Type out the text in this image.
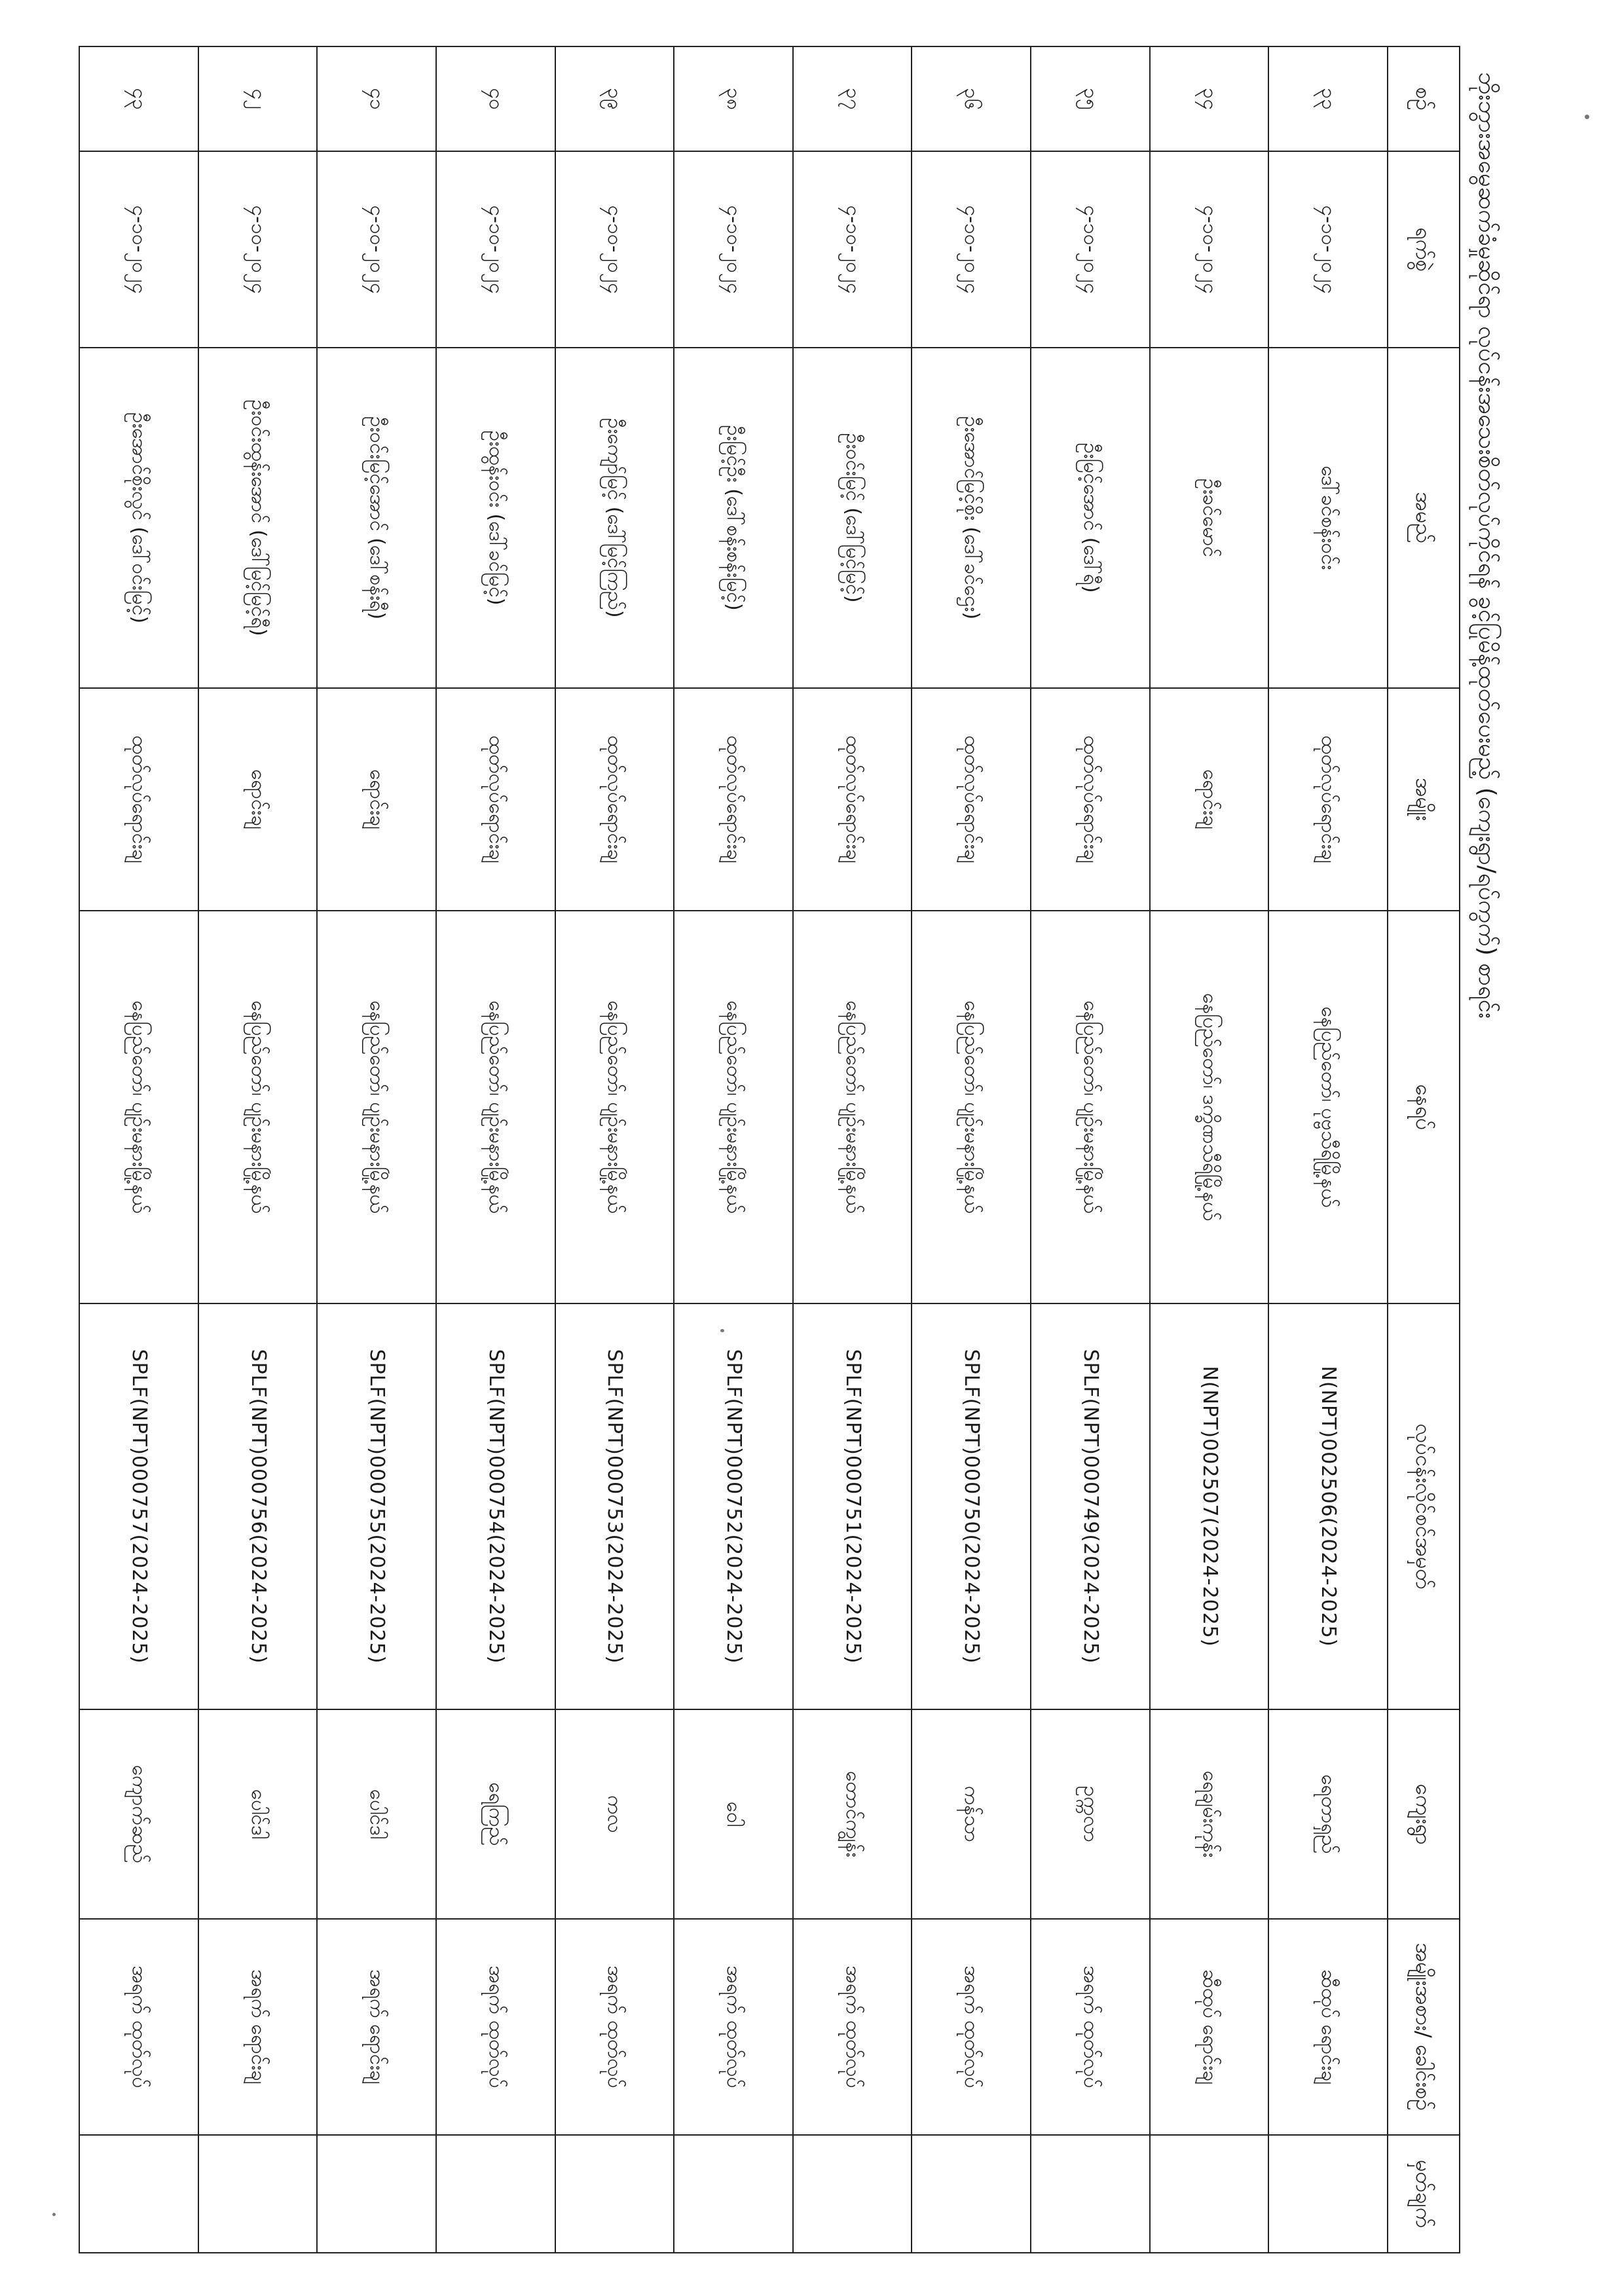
ဘိုးဘွားအမွေဆက်ခံမှုဆိုင်ရာ လုပ်ငန်းအသေးစိတ်လုပ်ကိုင်ရန် ခွင့်ပြုမိန့်ထုတ်ပေးမည့် (ကျေးရွာ/ရပ်ကွက်) စာရင်း
စဉ်	ရက်စွဲ	အမည်	အမျိုး	နေရပ်	လုပ်ငန်းလိုင်စင်အမှတ်	ကျေးရွာ	အမျိုးအစား/ ခေါင်းစဉ်	မှတ်ချက်
၃၃	၄-၁၀-၂၀၂၄	ဒေါ်ခင်စန်းဝင်း	ထုတ်လုပ်ရောင်းချ	နေပြည်တော်၊ ပုဗ္ဗသီရိမြို့နယ်	N(NPT)002506(2024-2025)	ရေတာရှည်	ဆီထုပ် ရောင်းချ	
၃၄	၄-၁၀-၂၀၂၄	ဦးခင်မောင်	ရောင်းချ	နေပြည်တော်၊ ဒက္ခိဏသီရိမြို့နယ်	N(NPT)002507(2024-2025)	ရေချမ်းကုန်း	ဆီထုပ် ရောင်းချ	
၃၅	၄-၁၀-၂၀၂၄	ဦးမြင့်အောင် (ဒေါ်ရီ)	ထုတ်လုပ်ရောင်းချ	နေပြည်တော်၊ ပျဉ်းမနားမြို့နယ်	SPLF(NPT)000749(2024-2025)	ဥက္ကလာ	အရက် ထုတ်လုပ်	
၃၆	၄-၁၀-၂၀၂၄	ဦးအောင်မြင့်စိုး (ဒေါ်ခင်ဌေး)	ထုတ်လုပ်ရောင်းချ	နေပြည်တော်၊ ပျဉ်းမနားမြို့နယ်	SPLF(NPT)000750(2024-2025)	ကန်သာ	အရက် ထုတ်လုပ်	
၃၇	၄-၁၀-၂၀၂၄	ဦးဝင်းမြင့် (ဒေါ်မြင့်မြင့်)	ထုတ်လုပ်ရောင်းချ	နေပြည်တော်၊ ပျဉ်းမနားမြို့နယ်	SPLF(NPT)000751(2024-2025)	တောင်ကျွန်း	အရက် ထုတ်လုပ်	
၃၈	၄-၁၀-၂၀၂၄	ဦးမြင့်ဦး (ဒေါ်စန်းစန်းမြင့်)	ထုတ်လုပ်ရောင်းချ	နေပြည်တော်၊ ပျဉ်းမနားမြို့နယ်	SPLF(NPT)000752(2024-2025)	ဝေါ	အရက် ထုတ်လုပ်	
၃၉	၄-၁၀-၂၀၂၄	ဦးကျော်မြင့် (ဒေါ်မြင့်ကြည်)	ထုတ်လုပ်ရောင်းချ	နေပြည်တော်၊ ပျဉ်းမနားမြို့နယ်	SPLF(NPT)000753(2024-2025)	ကလ	အရက် ထုတ်လုပ်	
၄၀	၄-၁၀-၂၀၂၄	ဦးထွန်းဝင်း (ဒေါ်ခင်မြင့်)	ထုတ်လုပ်ရောင်းချ	နေပြည်တော်၊ ပျဉ်းမနားမြို့နယ်	SPLF(NPT)000754(2024-2025)	ရေကြည်	အရက် ထုတ်လုပ်	
၄၁	၄-၁၀-၂၀၂၄	ဦးဝင်းမြင့်အောင် (ဒေါ်စန်းရီ)	ရောင်းချ	နေပြည်တော်၊ ပျဉ်းမနားမြို့နယ်	SPLF(NPT)000755(2024-2025)	ပေါင်ဒါ	အရက် ရောင်းချ	
၄၂	၄-၁၀-၂၀၂၄	ဦးဝင်းထွန်းအောင် (ဒေါ်မြင့်မြင့်ရီ)	ရောင်းချ	နေပြည်တော်၊ ပျဉ်းမနားမြို့နယ်	SPLF(NPT)000756(2024-2025)	ပေါင်ဒါ	အရက် ရောင်းချ	
၄၃	၄-၁၀-၂၀၂၄	ဦးအောင်စိုးလွင် (ဒေါ်ဝင်းမြင့်)	ထုတ်လုပ်ရောင်းချ	နေပြည်တော်၊ ပျဉ်းမနားမြို့နယ်	SPLF(NPT)000757(2024-2025)	ကျောက်ဆည်	အရက် ထုတ်လုပ်	
